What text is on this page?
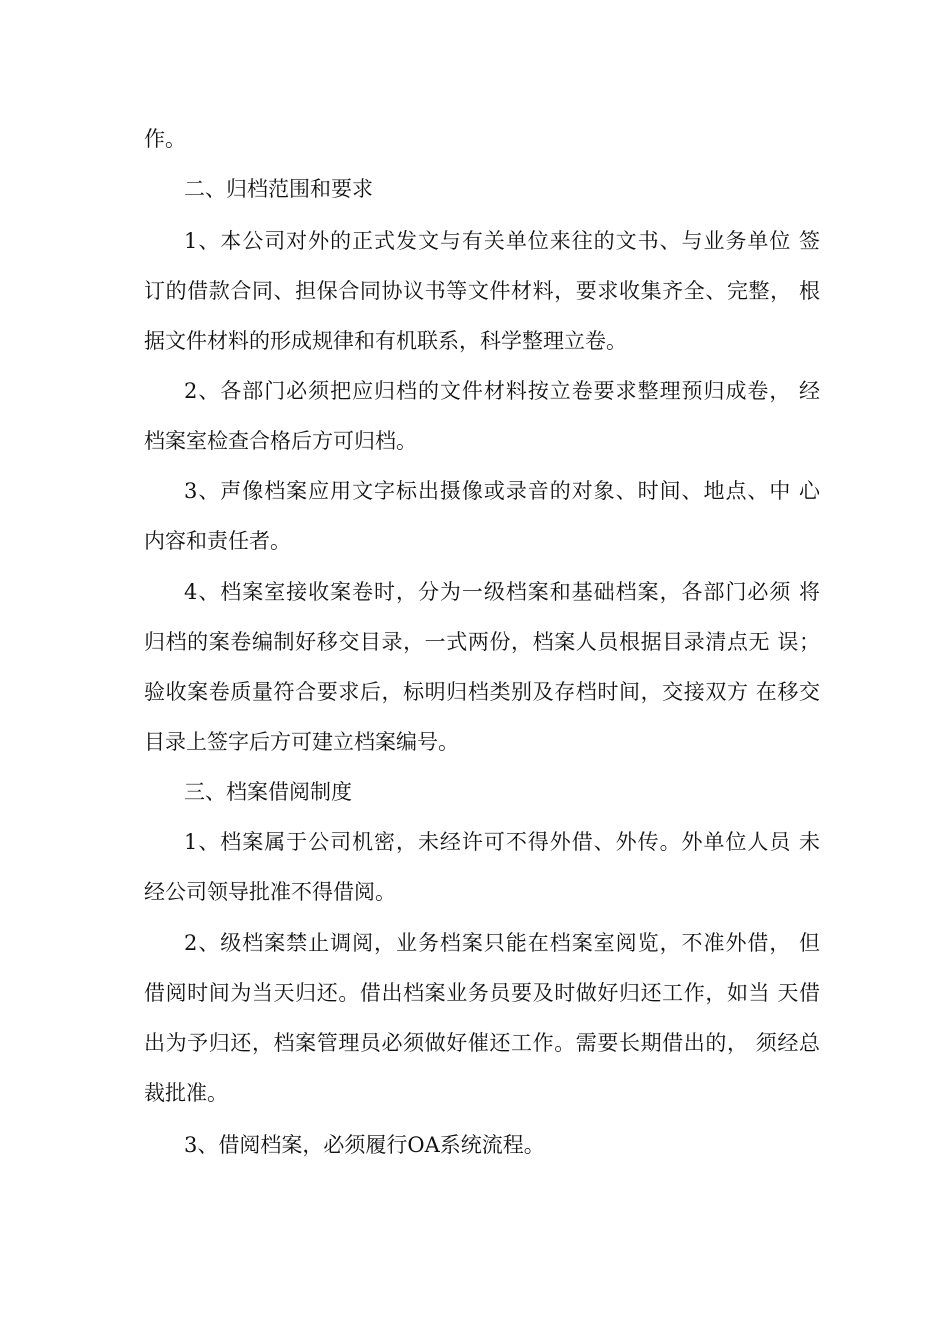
作。
二、归档范围和要求
1、本公司对外的正式发文与有关单位来往的文书、与业务单位 签
订的借款合同、担保合同协议书等文件材料，要求收集齐全、完整， 根
据文件材料的形成规律和有机联系，科学整理立卷。
2、各部门必须把应归档的文件材料按立卷要求整理预归成卷， 经
档案室检查合格后方可归档。
3、声像档案应用文字标出摄像或录音的对象、时间、地点、中 心
内容和责任者。
4、档案室接收案卷时，分为一级档案和基础档案，各部门必须 将
归档的案卷编制好移交目录，一式两份，档案人员根据目录清点无 误；
验收案卷质量符合要求后，标明归档类别及存档时间，交接双方 在移交
目录上签字后方可建立档案编号。
三、档案借阅制度
1、档案属于公司机密，未经许可不得外借、外传。外单位人员 未
经公司领导批准不得借阅。
2、级档案禁止调阅，业务档案只能在档案室阅览，不准外借， 但
借阅时间为当天归还。借出档案业务员要及时做好归还工作，如当 天借
出为予归还，档案管理员必须做好催还工作。需要长期借出的， 须经总
裁批准。
3、借阅档案，必须履行OA系统流程。
